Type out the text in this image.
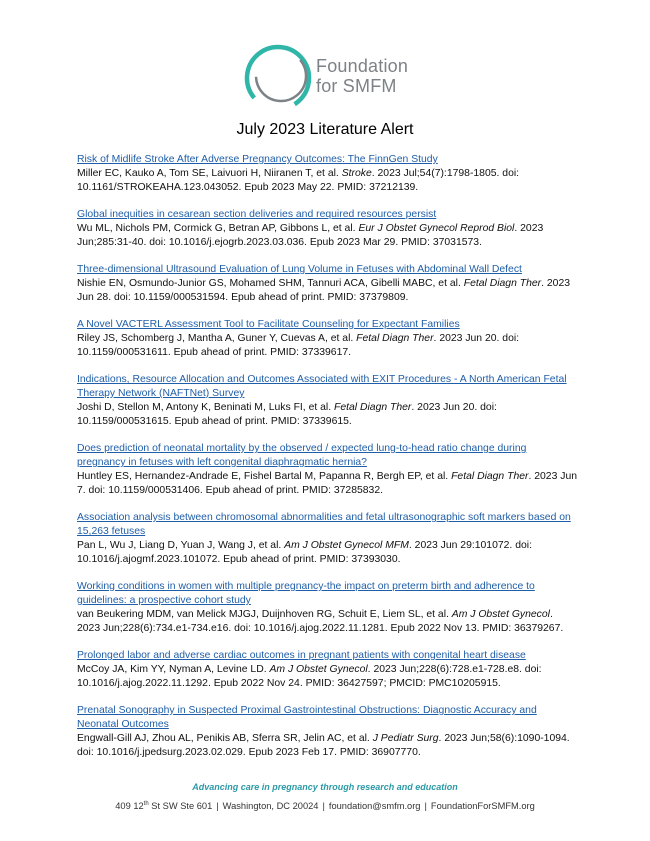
Foundation
for SMFM
July 2023 Literature Alert
Risk of Midlife Stroke After Adverse Pregnancy Outcomes: The FinnGen Study
Miller EC, Kauko A, Tom SE, Laivuori H, Niiranen T, et al. Stroke. 2023 Jul;54(7):1798-1805. doi: 10.1161/STROKEAHA.123.043052. Epub 2023 May 22. PMID: 37212139.
Global inequities in cesarean section deliveries and required resources persist
Wu ML, Nichols PM, Cormick G, Betran AP, Gibbons L, et al. Eur J Obstet Gynecol Reprod Biol. 2023 Jun;285:31-40. doi: 10.1016/j.ejogrb.2023.03.036. Epub 2023 Mar 29. PMID: 37031573.
Three-dimensional Ultrasound Evaluation of Lung Volume in Fetuses with Abdominal Wall Defect
Nishie EN, Osmundo-Junior GS, Mohamed SHM, Tannuri ACA, Gibelli MABC, et al. Fetal Diagn Ther. 2023 Jun 28. doi: 10.1159/000531594. Epub ahead of print. PMID: 37379809.
A Novel VACTERL Assessment Tool to Facilitate Counseling for Expectant Families
Riley JS, Schomberg J, Mantha A, Guner Y, Cuevas A, et al. Fetal Diagn Ther. 2023 Jun 20. doi: 10.1159/000531611. Epub ahead of print. PMID: 37339617.
Indications, Resource Allocation and Outcomes Associated with EXIT Procedures - A North American Fetal Therapy Network (NAFTNet) Survey
Joshi D, Stellon M, Antony K, Beninati M, Luks FI, et al. Fetal Diagn Ther. 2023 Jun 20. doi: 10.1159/000531615. Epub ahead of print. PMID: 37339615.
Does prediction of neonatal mortality by the observed / expected lung-to-head ratio change during pregnancy in fetuses with left congenital diaphragmatic hernia?
Huntley ES, Hernandez-Andrade E, Fishel Bartal M, Papanna R, Bergh EP, et al. Fetal Diagn Ther. 2023 Jun 7. doi: 10.1159/000531406. Epub ahead of print. PMID: 37285832.
Association analysis between chromosomal abnormalities and fetal ultrasonographic soft markers based on 15,263 fetuses
Pan L, Wu J, Liang D, Yuan J, Wang J, et al. Am J Obstet Gynecol MFM. 2023 Jun 29:101072. doi: 10.1016/j.ajogmf.2023.101072. Epub ahead of print. PMID: 37393030.
Working conditions in women with multiple pregnancy-the impact on preterm birth and adherence to guidelines: a prospective cohort study
van Beukering MDM, van Melick MJGJ, Duijnhoven RG, Schuit E, Liem SL, et al. Am J Obstet Gynecol. 2023 Jun;228(6):734.e1-734.e16. doi: 10.1016/j.ajog.2022.11.1281. Epub 2022 Nov 13. PMID: 36379267.
Prolonged labor and adverse cardiac outcomes in pregnant patients with congenital heart disease
McCoy JA, Kim YY, Nyman A, Levine LD. Am J Obstet Gynecol. 2023 Jun;228(6):728.e1-728.e8. doi: 10.1016/j.ajog.2022.11.1292. Epub 2022 Nov 24. PMID: 36427597; PMCID: PMC10205915.
Prenatal Sonography in Suspected Proximal Gastrointestinal Obstructions: Diagnostic Accuracy and Neonatal Outcomes
Engwall-Gill AJ, Zhou AL, Penikis AB, Sferra SR, Jelin AC, et al. J Pediatr Surg. 2023 Jun;58(6):1090-1094. doi: 10.1016/j.jpedsurg.2023.02.029. Epub 2023 Feb 17. PMID: 36907770.
Advancing care in pregnancy through research and education
409 12th St SW Ste 601 | Washington, DC 20024 | foundation@smfm.org | FoundationForSMFM.org
